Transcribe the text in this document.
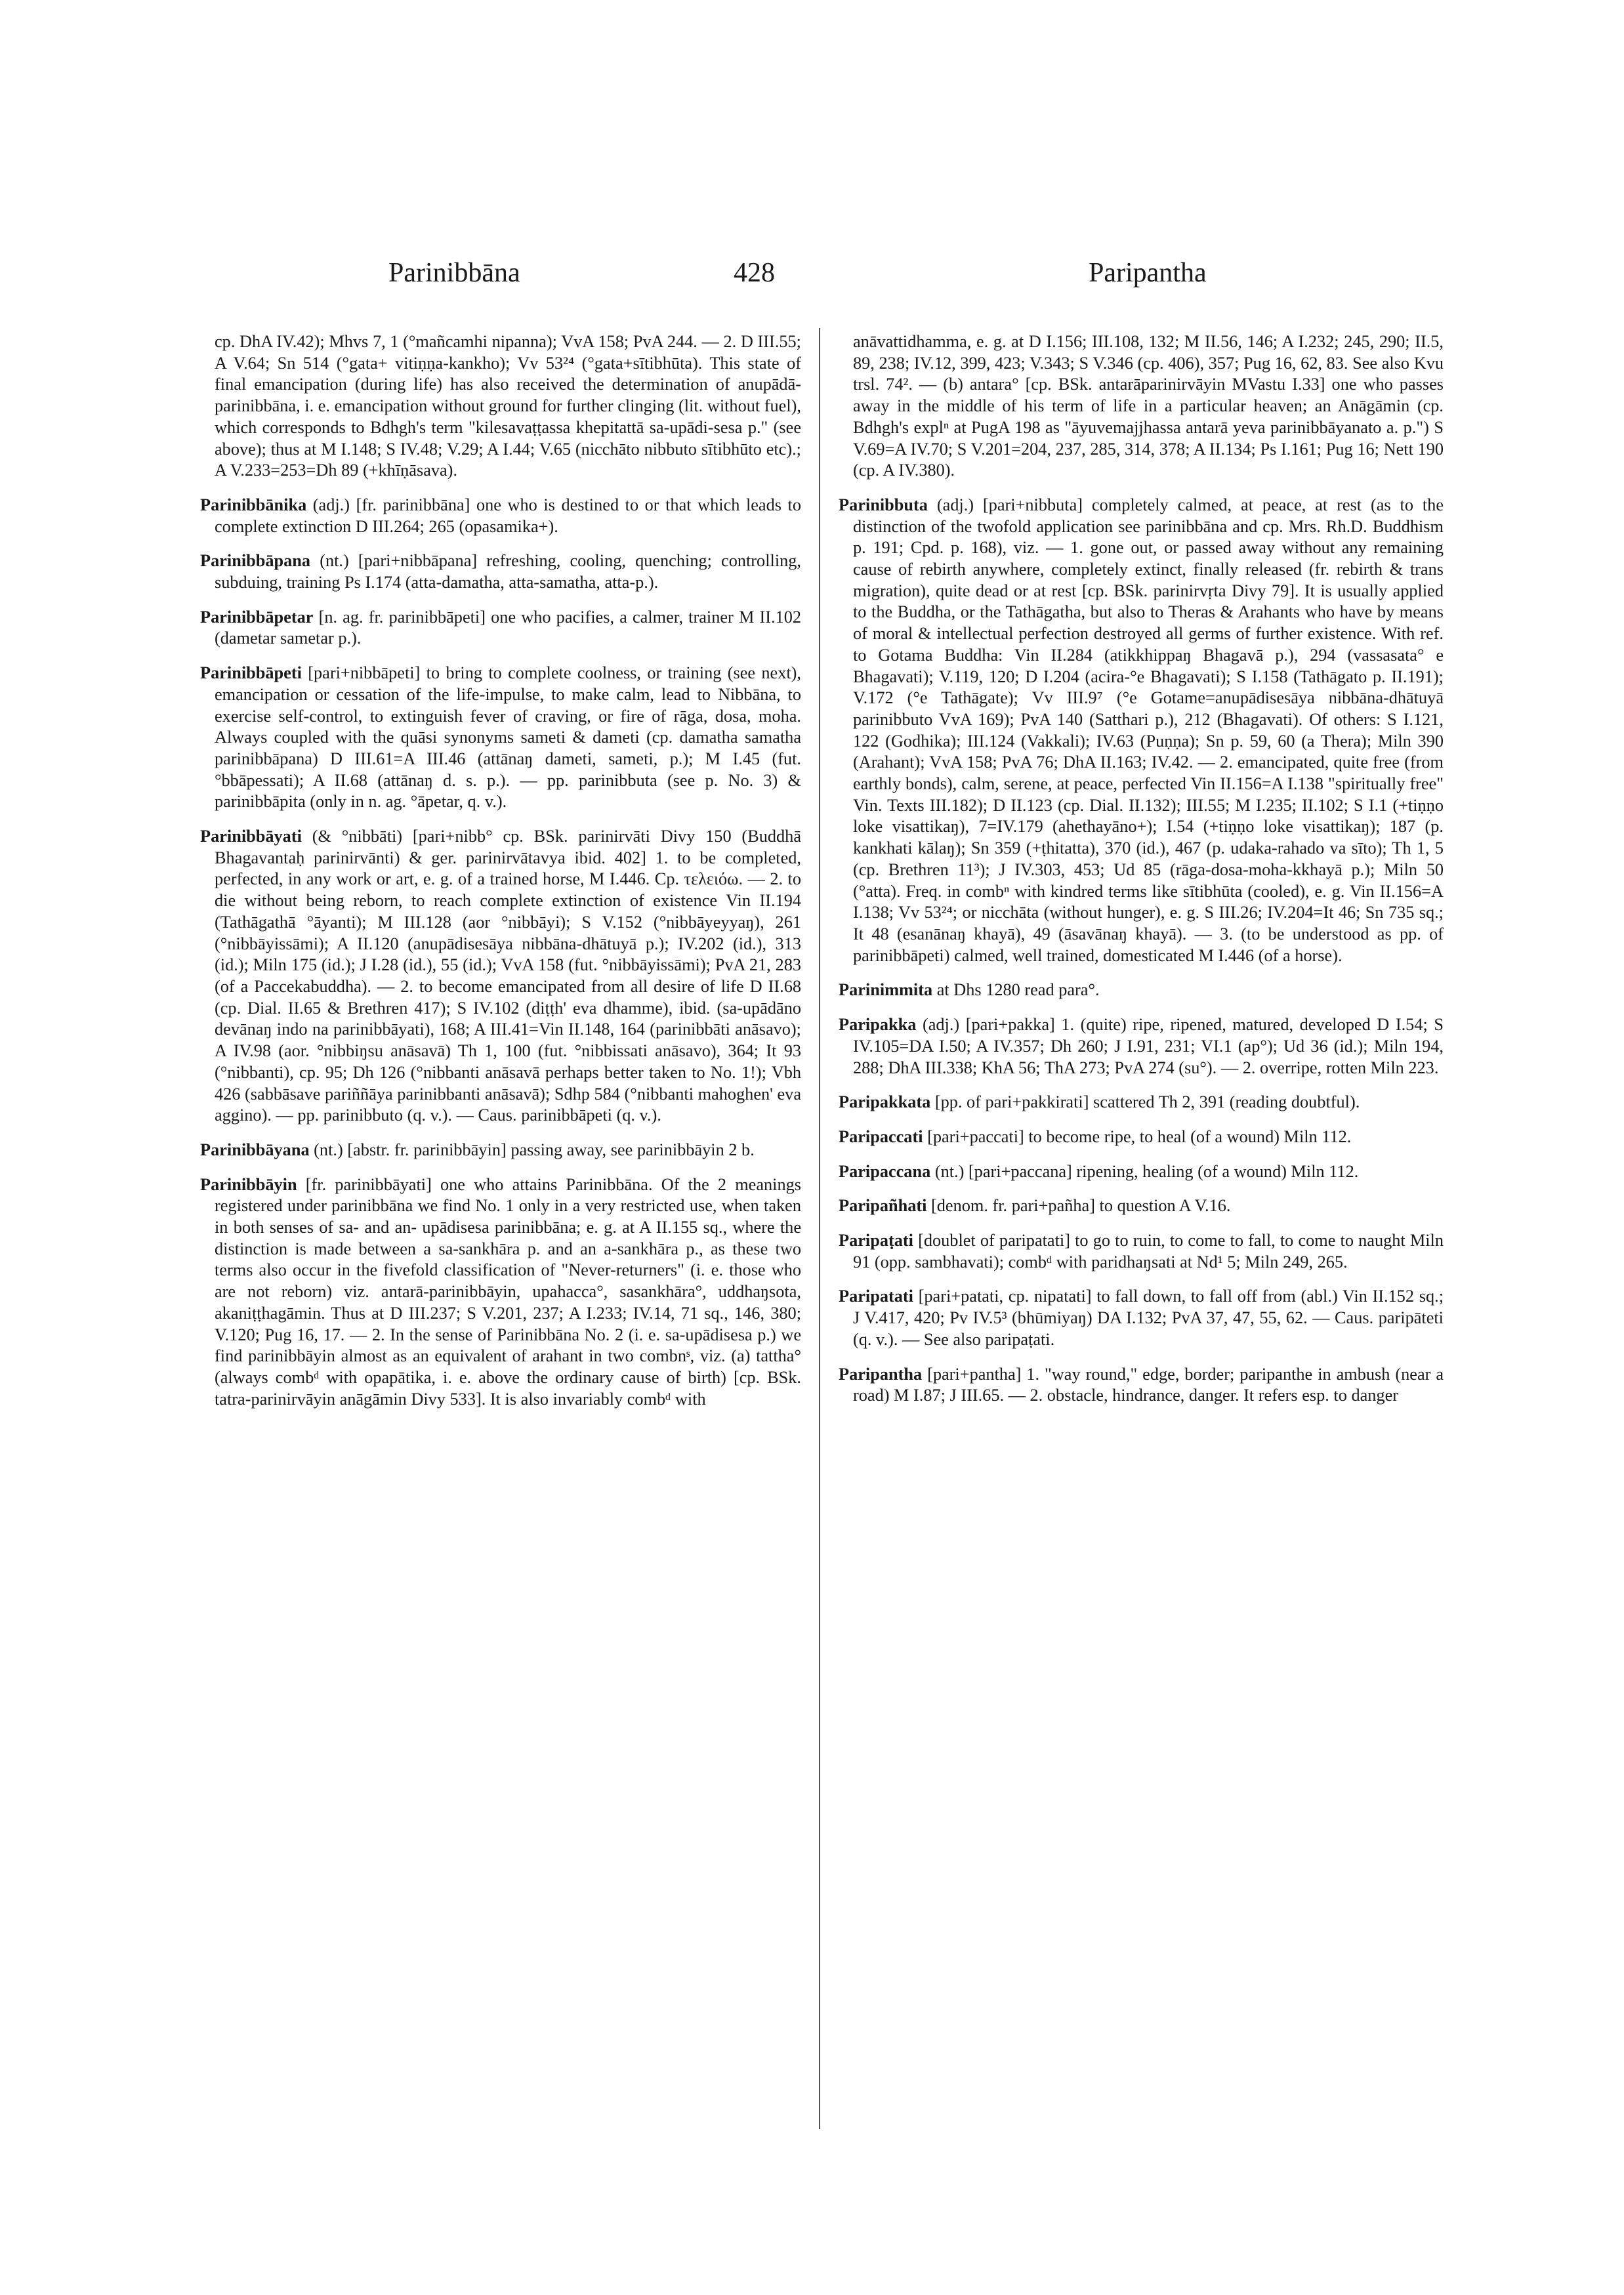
Parinibbāna	428	Paripantha

cp. DhA IV.42); Mhvs 7, 1 (°mañcamhi nipanna); VvA 158; PvA 244. — 2. D III.55; A V.64; Sn 514 (°gata+ vitiṇṇa-kankho); Vv 53²⁴ (°gata+sītibhūta). This state of final emancipation (during life) has also received the determination of anupādā-parinibbāna, i. e. emancipation without ground for further clinging (lit. without fuel), which corresponds to Bdhgh's term "kilesavaṭṭassa khepitattā sa-upādi-sesa p." (see above); thus at M I.148; S IV.48; V.29; A I.44; V.65 (nicchāto nibbuto sītibhūto etc).; A V.233=253=Dh 89 (+khīṇāsava).

Parinibbānika (adj.) [fr. parinibbāna] one who is destined to or that which leads to complete extinction D III.264; 265 (opasamika+).

Parinibbāpana (nt.) [pari+nibbāpana] refreshing, cooling, quenching; controlling, subduing, training Ps I.174 (atta-damatha, atta-samatha, atta-p.).

Parinibbāpetar [n. ag. fr. parinibbāpeti] one who pacifies, a calmer, trainer M II.102 (dametar sametar p.).

Parinibbāpeti [pari+nibbāpeti] to bring to complete coolness, or training (see next), emancipation or cessation of the life-impulse, to make calm, lead to Nibbāna, to exercise self-control, to extinguish fever of craving, or fire of rāga, dosa, moha. Always coupled with the quāsi synonyms sameti & dameti (cp. damatha samatha parinibbāpana) D III.61=A III.46 (attānaŋ dameti, sameti, p.); M I.45 (fut. °bbāpessati); A II.68 (attānaŋ d. s. p.). — pp. parinibbuta (see p. No. 3) & parinibbāpita (only in n. ag. °āpetar, q. v.).

Parinibbāyati (& °nibbāti) [pari+nibb° cp. BSk. parinirvāti Divy 150 (Buddhā Bhagavantaḥ parinirvānti) & ger. parinirvātavya ibid. 402] 1. to be completed, perfected, in any work or art, e. g. of a trained horse, M I.446. Cp. τελειόω. — 2. to die without being reborn, to reach complete extinction of existence Vin II.194 (Tathāgathā °āyanti); M III.128 (aor °nibbāyi); S V.152 (°nibbāyeyyaŋ), 261 (°nibbāyissāmi); A II.120 (anupādisesāya nibbāna-dhātuyā p.); IV.202 (id.), 313 (id.); Miln 175 (id.); J I.28 (id.), 55 (id.); VvA 158 (fut. °nibbāyissāmi); PvA 21, 283 (of a Paccekabuddha). — 2. to become emancipated from all desire of life D II.68 (cp. Dial. II.65 & Brethren 417); S IV.102 (diṭṭh' eva dhamme), ibid. (sa-upādāno devānaŋ indo na parinibbāyati), 168; A III.41=Vin II.148, 164 (parinibbāti anāsavo); A IV.98 (aor. °nibbiŋsu anāsavā) Th 1, 100 (fut. °nibbissati anāsavo), 364; It 93 (°nibbanti), cp. 95; Dh 126 (°nibbanti anāsavā perhaps better taken to No. 1!); Vbh 426 (sabbāsave pariññāya parinibbanti anāsavā); Sdhp 584 (°nibbanti mahoghen' eva aggino). — pp. parinibbuto (q. v.). — Caus. parinibbāpeti (q. v.).

Parinibbāyana (nt.) [abstr. fr. parinibbāyin] passing away, see parinibbāyin 2 b.

Parinibbāyin [fr. parinibbāyati] one who attains Parinibbāna. Of the 2 meanings registered under parinibbāna we find No. 1 only in a very restricted use, when taken in both senses of sa- and an- upādisesa parinibbāna; e. g. at A II.155 sq., where the distinction is made between a sa-sankhāra p. and an a-sankhāra p., as these two terms also occur in the fivefold classification of "Never-returners" (i. e. those who are not reborn) viz. antarā-parinibbāyin, upahacca°, sasankhāra°, uddhaŋsota, akaniṭṭhagāmin. Thus at D III.237; S V.201, 237; A I.233; IV.14, 71 sq., 146, 380; V.120; Pug 16, 17. — 2. In the sense of Parinibbāna No. 2 (i. e. sa-upādisesa p.) we find parinibbāyin almost as an equivalent of arahant in two combnˢ, viz. (a) tattha° (always combᵈ with opapātika, i. e. above the ordinary cause of birth) [cp. BSk. tatra-parinirvāyin anāgāmin Divy 533]. It is also invariably combᵈ with

anāvattidhamma, e. g. at D I.156; III.108, 132; M II.56, 146; A I.232; 245, 290; II.5, 89, 238; IV.12, 399, 423; V.343; S V.346 (cp. 406), 357; Pug 16, 62, 83. See also Kvu trsl. 74². — (b) antara° [cp. BSk. antarāparinirvāyin MVastu I.33] one who passes away in the middle of his term of life in a particular heaven; an Anāgāmin (cp. Bdhgh's explⁿ at PugA 198 as "āyuvemajjhassa antarā yeva parinibbāyanato a. p.") S V.69=A IV.70; S V.201=204, 237, 285, 314, 378; A II.134; Ps I.161; Pug 16; Nett 190 (cp. A IV.380).

Parinibbuta (adj.) [pari+nibbuta] completely calmed, at peace, at rest (as to the distinction of the twofold application see parinibbāna and cp. Mrs. Rh.D. Buddhism p. 191; Cpd. p. 168), viz. — 1. gone out, or passed away without any remaining cause of rebirth anywhere, completely extinct, finally released (fr. rebirth & trans migration), quite dead or at rest [cp. BSk. parinirvṛta Divy 79]. It is usually applied to the Buddha, or the Tathāgatha, but also to Theras & Arahants who have by means of moral & intellectual perfection destroyed all germs of further existence. With ref. to Gotama Buddha: Vin II.284 (atikkhippaŋ Bhagavā p.), 294 (vassasata° e Bhagavati); V.119, 120; D I.204 (acira-°e Bhagavati); S I.158 (Tathāgato p. II.191); V.172 (°e Tathāgate); Vv III.9⁷ (°e Gotame=anupādisesāya nibbāna-dhātuyā parinibbuto VvA 169); PvA 140 (Satthari p.), 212 (Bhagavati). Of others: S I.121, 122 (Godhika); III.124 (Vakkali); IV.63 (Puṇṇa); Sn p. 59, 60 (a Thera); Miln 390 (Arahant); VvA 158; PvA 76; DhA II.163; IV.42. — 2. emancipated, quite free (from earthly bonds), calm, serene, at peace, perfected Vin II.156=A I.138 "spiritually free" Vin. Texts III.182); D II.123 (cp. Dial. II.132); III.55; M I.235; II.102; S I.1 (+tiṇṇo loke visattikaŋ), 7=IV.179 (ahethayāno+); I.54 (+tiṇṇo loke visattikaŋ); 187 (p. kankhati kālaŋ); Sn 359 (+ṭhitatta), 370 (id.), 467 (p. udaka-rahado va sīto); Th 1, 5 (cp. Brethren 11³); J IV.303, 453; Ud 85 (rāga-dosa-moha-kkhayā p.); Miln 50 (°atta). Freq. in combⁿ with kindred terms like sītibhūta (cooled), e. g. Vin II.156=A I.138; Vv 53²⁴; or nicchāta (without hunger), e. g. S III.26; IV.204=It 46; Sn 735 sq.; It 48 (esanānaŋ khayā), 49 (āsavānaŋ khayā). — 3. (to be understood as pp. of parinibbāpeti) calmed, well trained, domesticated M I.446 (of a horse).

Parinimmita at Dhs 1280 read para°.

Paripakka (adj.) [pari+pakka] 1. (quite) ripe, ripened, matured, developed D I.54; S IV.105=DA I.50; A IV.357; Dh 260; J I.91, 231; VI.1 (ap°); Ud 36 (id.); Miln 194, 288; DhA III.338; KhA 56; ThA 273; PvA 274 (su°). — 2. overripe, rotten Miln 223.

Paripakkata [pp. of pari+pakkirati] scattered Th 2, 391 (reading doubtful).

Paripaccati [pari+paccati] to become ripe, to heal (of a wound) Miln 112.

Paripaccana (nt.) [pari+paccana] ripening, healing (of a wound) Miln 112.

Paripañhati [denom. fr. pari+pañha] to question A V.16.

Paripaṭati [doublet of paripatati] to go to ruin, to come to fall, to come to naught Miln 91 (opp. sambhavati); combᵈ with paridhaŋsati at Nd¹ 5; Miln 249, 265.

Paripatati [pari+patati, cp. nipatati] to fall down, to fall off from (abl.) Vin II.152 sq.; J V.417, 420; Pv IV.5³ (bhūmiyaŋ) DA I.132; PvA 37, 47, 55, 62. — Caus. paripāteti (q. v.). — See also paripaṭati.

Paripantha [pari+pantha] 1. "way round," edge, border; paripanthe in ambush (near a road) M I.87; J III.65. — 2. obstacle, hindrance, danger. It refers esp. to danger
